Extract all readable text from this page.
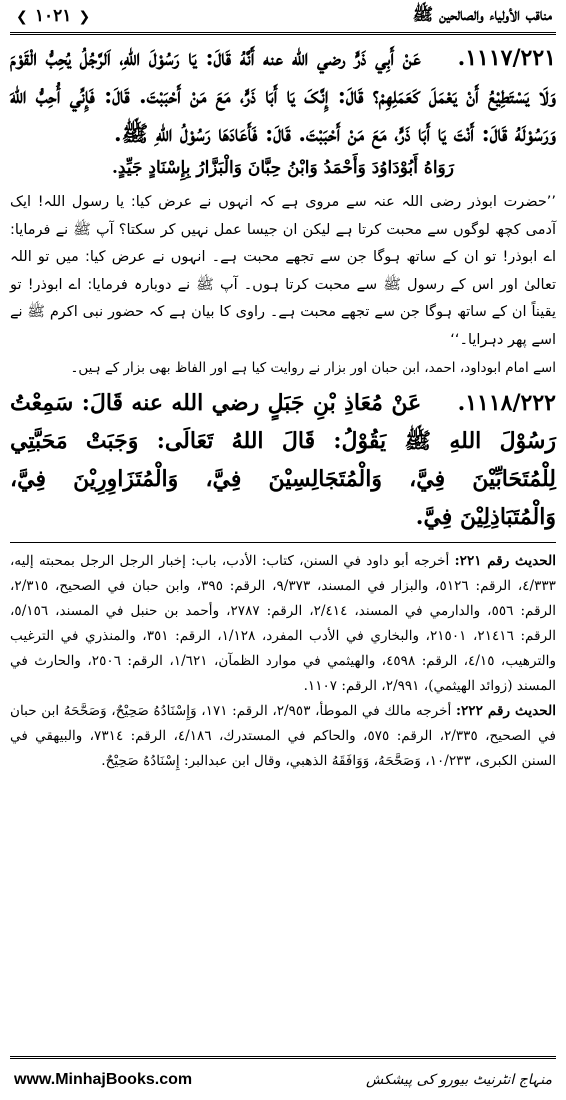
مناقب الأولياء والصالحين ﷺ
❮ ١٠٢١ ❯

١١١٧/٢٢١. عَنْ أَبِي ذَرٍّ رضي الله عنه أَنَّهُ قَالَ: يَا رَسُوْلَ اللهِ، اَلرَّجُلُ يُحِبُّ الْقَوْمَ وَلَا يَسْتَطِيْعُ أَنْ يَعْمَلَ كَعَمَلِهِمْ؟ قَالَ: إِنَّکَ يَا أَبَا ذَرٍّ، مَعَ مَنْ أَحْبَبْتَ. قَالَ: فَإِنِّي أُحِبُّ اللهَ وَرَسُوْلَهُ قَالَ: أَنْتَ يَا أَبَا ذَرٍّ، مَعَ مَنْ أَحْبَبْتَ. قَالَ: فَأَعَادَهَا رَسُوْلُ اللهِ ﷺ.

رَوَاهُ أَبُوْدَاوُدَ وَأَحْمَدُ وَابْنُ حِبَّانَ وَالْبَزَّارُ بِإِسْنَادٍ جَيِّدٍ.

’’حضرت ابوذر رضی اللہ عنہ سے مروی ہے کہ انہوں نے عرض کیا: یا رسول اللہ! ایک آدمی کچھ لوگوں سے محبت کرتا ہے لیکن ان جیسا عمل نہیں کر سکتا؟ آپ ﷺ نے فرمایا: اے ابوذر! تو ان کے ساتھ ہوگا جن سے تجھے محبت ہے۔ انہوں نے عرض کیا: میں تو اللہ تعالیٰ اور اس کے رسول ﷺ سے محبت کرتا ہوں۔ آپ ﷺ نے دوبارہ فرمایا: اے ابوذر! تو یقیناً ان کے ساتھ ہوگا جن سے تجھے محبت ہے۔ راوی کا بیان ہے کہ حضور نبی اکرم ﷺ نے اسے پھر دہرایا۔‘‘

اسے امام ابوداود، احمد، ابن حبان اور بزار نے روایت کیا ہے اور الفاظ بھی بزار کے ہیں۔

١١١٨/٢٢٢. عَنْ مُعَاذِ بْنِ جَبَلٍ رضي الله عنه قَالَ: سَمِعْتُ رَسُوْلَ اللهِ ﷺ يَقُوْلُ: قَالَ اللهُ تَعَالَى: وَجَبَتْ مَحَبَّتِي لِلْمُتَحَابِّيْنَ فِيَّ، وَالْمُتَجَالِسِيْنَ فِيَّ، وَالْمُتَزَاوِرِيْنَ فِيَّ، وَالْمُتَبَاذِلِيْنَ فِيَّ.

الحديث رقم ٢٢١: أخرجه أبو داود في السنن، كتاب: الأدب، باب: إخبار الرجل الرجل بمحبته إليه، ٤/٣٣٣، الرقم: ٥١٢٦، والبزار في المسند، ٩/٣٧٣، الرقم: ٣٩٥، وابن حبان في الصحيح، ٢/٣١٥، الرقم: ٥٥٦، والدارمي في المسند، ٢/٤١٤، الرقم: ٢٧٨٧، وأحمد بن حنبل في المسند، ٥/١٥٦، الرقم: ٢١٤١٦، ٢١٥٠١، والبخاري في الأدب المفرد، ١/١٢٨، الرقم: ٣٥١، والمنذري في الترغيب والترهيب، ٤/١٥، الرقم: ٤٥٩٨، والهيثمي في موارد الظمآن، ١/٦٢١، الرقم: ٢٥٠٦، والحارث في المسند (زوائد الهيثمي)، ٢/٩٩١، الرقم: ١١٠٧.

الحديث رقم ٢٢٢: أخرجه مالك في الموطأ، ٢/٩٥٣، الرقم: ١٧١، وَإِسْنَادُهُ صَحِيْحٌ، وَصَحَّحَهُ ابن حبان في الصحيح، ٢/٣٣٥، الرقم: ٥٧٥، والحاكم في المستدرك، ٤/١٨٦، الرقم: ٧٣١٤، والبيهقي في السنن الكبرى، ١٠/٢٣٣، وَصَحَّحَهُ، وَوَافَقَهُ الذهبي، وقال ابن عبدالبر: إِسْنَادُهُ صَحِيْحٌ.

www.MinhajBooks.com	منہاج انٹرنیٹ بیورو کی پیشکش
